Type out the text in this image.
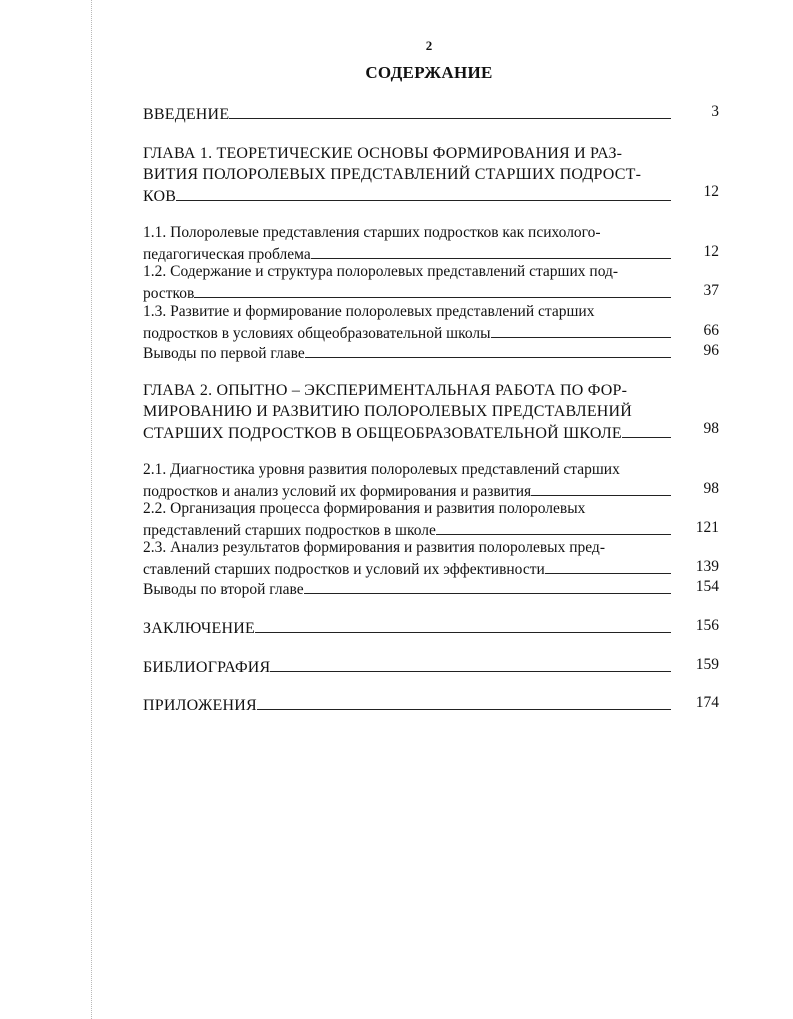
2
СОДЕРЖАНИЕ
ВВЕДЕНИЕ	3
ГЛАВА 1. ТЕОРЕТИЧЕСКИЕ ОСНОВЫ ФОРМИРОВАНИЯ И РАЗ-
ВИТИЯ ПОЛОРОЛЕВЫХ ПРЕДСТАВЛЕНИЙ СТАРШИХ ПОДРОСТ-
КОВ	12
1.1. Полоролевые представления старших подростков как психолого-
педагогическая проблема	12
1.2. Содержание и структура полоролевых представлений старших под-
ростков	37
1.3. Развитие и формирование полоролевых представлений старших
подростков в условиях общеобразовательной школы	66
Выводы по первой главе	96
ГЛАВА 2. ОПЫТНО – ЭКСПЕРИМЕНТАЛЬНАЯ РАБОТА ПО ФОР-
МИРОВАНИЮ И РАЗВИТИЮ ПОЛОРОЛЕВЫХ ПРЕДСТАВЛЕНИЙ
СТАРШИХ ПОДРОСТКОВ В ОБЩЕОБРАЗОВАТЕЛЬНОЙ ШКОЛЕ	98
2.1. Диагностика уровня развития полоролевых представлений старших
подростков и анализ условий их формирования и развития	98
2.2. Организация процесса формирования и развития полоролевых
представлений старших подростков в школе	121
2.3. Анализ результатов формирования и развития полоролевых пред-
ставлений старших подростков и условий их эффективности	139
Выводы по второй главе	154
ЗАКЛЮЧЕНИЕ	156
БИБЛИОГРАФИЯ	159
ПРИЛОЖЕНИЯ	174
